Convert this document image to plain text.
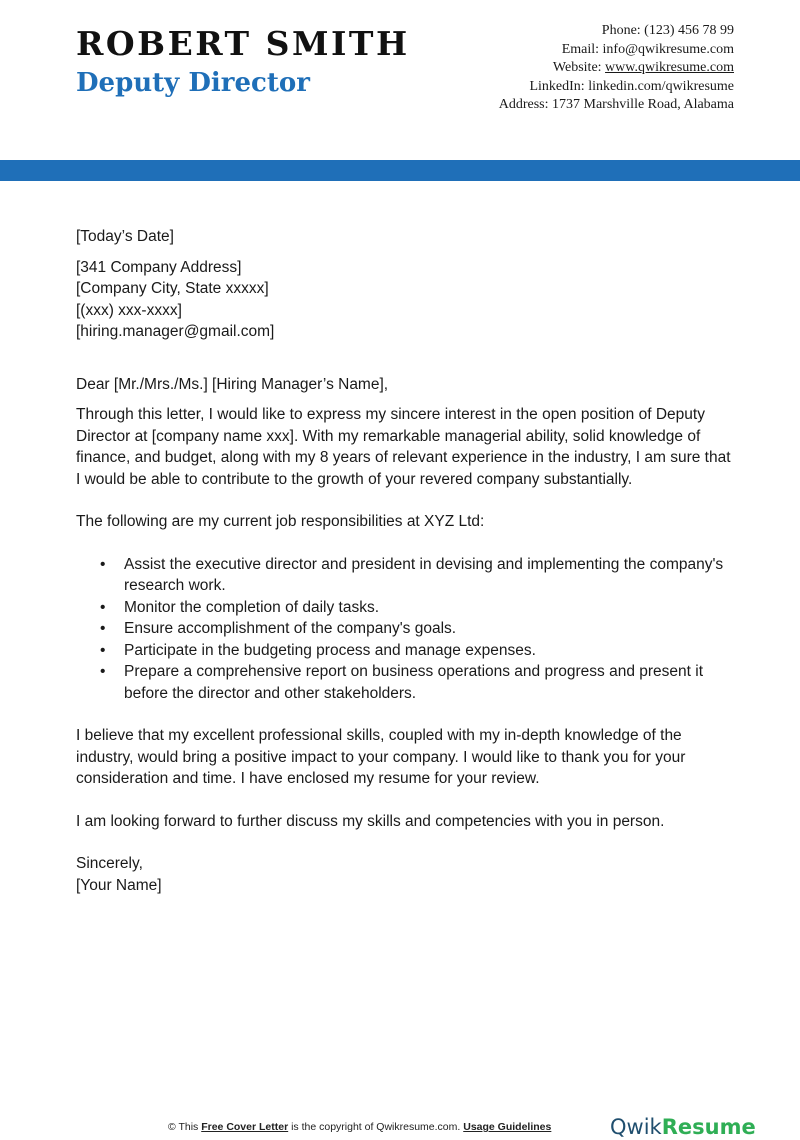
ROBERT SMITH
Deputy Director
Phone: (123) 456 78 99
Email: info@qwikresume.com
Website: www.qwikresume.com
LinkedIn: linkedin.com/qwikresume
Address: 1737 Marshville Road, Alabama

[Today’s Date]

[341 Company Address]

[Company City, State xxxxx]

[(xxx) xxx-xxxx]

[hiring.manager@gmail.com]

Dear [Mr./Mrs./Ms.] [Hiring Manager’s Name],

Through this letter, I would like to express my sincere interest in the open position of Deputy Director at [company name xxx]. With my remarkable managerial ability, solid knowledge of finance, and budget, along with my 8 years of relevant experience in the industry, I am sure that I would be able to contribute to the growth of your revered company substantially.

The following are my current job responsibilities at XYZ Ltd:

• Assist the executive director and president in devising and implementing the company's research work.
• Monitor the completion of daily tasks.
• Ensure accomplishment of the company's goals.
• Participate in the budgeting process and manage expenses.
• Prepare a comprehensive report on business operations and progress and present it before the director and other stakeholders.

I believe that my excellent professional skills, coupled with my in-depth knowledge of the industry, would bring a positive impact to your company. I would like to thank you for your consideration and time. I have enclosed my resume for your review.

I am looking forward to further discuss my skills and competencies with you in person.

Sincerely,

[Your Name]

© This Free Cover Letter is the copyright of Qwikresume.com. Usage Guidelines	QwikResume
